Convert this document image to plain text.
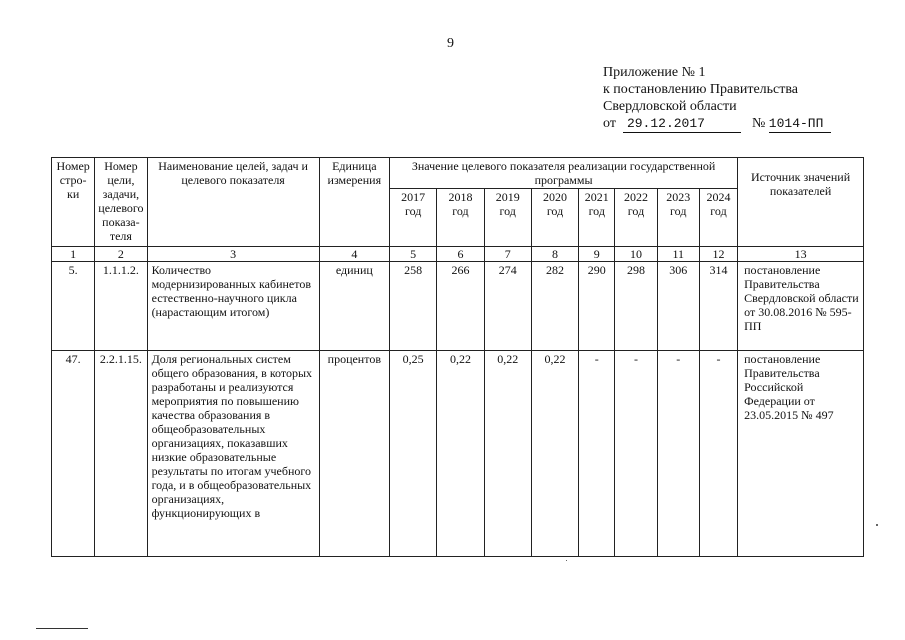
9
Приложение № 1
к постановлению Правительства
Свердловской области
от 29.12.2017	№ 1014-ПП
Номер стро-ки	Номер цели, задачи, целевого показа-теля	Наименование целей, задач и целевого показателя	Единица измерения	Значение целевого показателя реализации государственной программы								Источник значений показателей
				2017 год	2018 год	2019 год	2020 год	2021 год	2022 год	2023 год	2024 год	
1	2	3	4	5	6	7	8	9	10	11	12	13
5.	1.1.1.2.	Количество модернизированных кабинетов естественно-научного цикла (нарастающим итогом)	единиц	258	266	274	282	290	298	306	314	постановление Правительства Свердловской области от 30.08.2016 № 595-ПП
47.	2.2.1.15.	Доля региональных систем общего образования, в которых разработаны и реализуются мероприятия по повышению качества образования в общеобразовательных организациях, показавших низкие образовательные результаты по итогам учебного года, и в общеобразовательных организациях, функционирующих в	процентов	0,25	0,22	0,22	0,22	-	-	-	-	постановление Правительства Российской Федерации от 23.05.2015 № 497
